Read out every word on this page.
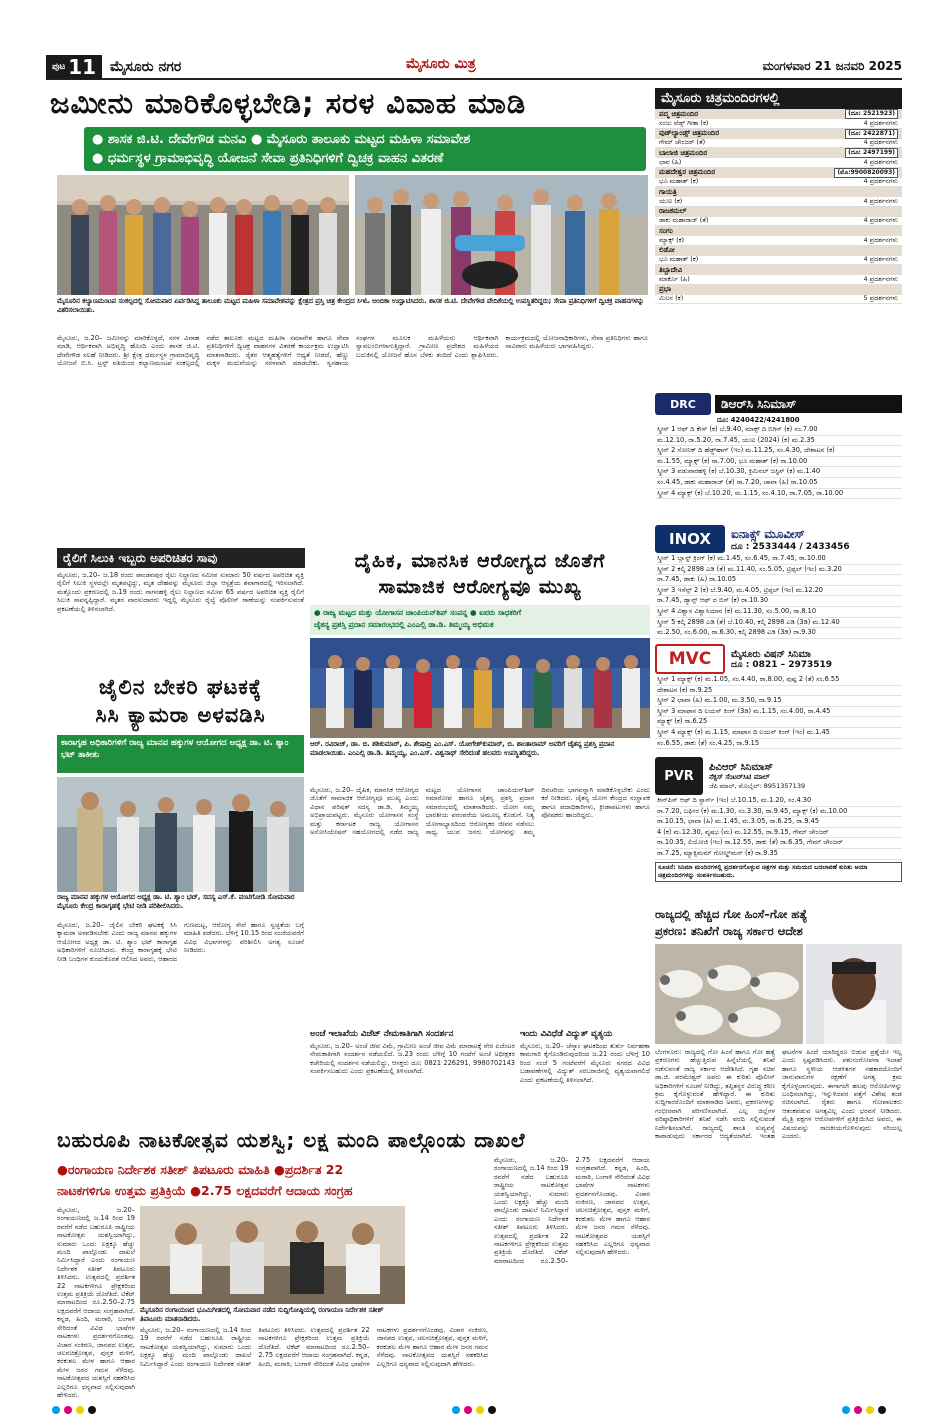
ಪುಟ 11 ಮೈಸೂರು ನಗರ	ಮೈಸೂರು ಮಿತ್ರ	ಮಂಗಳವಾರ 21 ಜನವರಿ 2025
ಜಮೀನು ಮಾರಿಕೊಳ್ಳಬೇಡಿ; ಸರಳ ವಿವಾಹ ಮಾಡಿ
● ಶಾಸಕ ಜಿ.ಟಿ. ದೇವೇಗೌಡ ಮನವಿ ● ಮೈಸೂರು ತಾಲೂಕು ಮಟ್ಟದ ಮಹಿಳಾ ಸಮಾವೇಶ
● ಧರ್ಮಸ್ಥಳ ಗ್ರಾಮಾಭಿವೃದ್ಧಿ ಯೋಜನೆ ಸೇವಾ ಪ್ರತಿನಿಧಿಗಳಿಗೆ ದ್ವಿಚಕ್ರ ವಾಹನ ವಿತರಣೆ
ಮೈಸೂರಿನ ಕಲ್ಯಾಣಮಂಟಪ ಸಂಕಲ್ಪದಲ್ಲಿ ಸೋಮವಾರ ಏರ್ಪಡಿಸಿದ್ದ ತಾಲೂಕು ಮಟ್ಟದ ಮಹಿಳಾ ಸಮಾವೇಶವನ್ನು ಕ್ಷೇತ್ರದ ಪ್ರಸ್ತಿ ಚಿತ್ರ ಕೇಂದ್ರದ ಸಿಇಓ ಅಂಬಿಕಾ ಉದ್ಘಾಟಿಸಿದರು. ಶಾಸಕ ಜಿ.ಟಿ. ದೇವೇಗೌಡ ವೇದಿಕೆಯಲ್ಲಿ ಉಪಸ್ಥಿತರಿದ್ದರು; ಸೇವಾ ಪ್ರತಿನಿಧಿಗಳಿಗೆ ದ್ವಿಚಕ್ರ ವಾಹನಗಳನ್ನು ವಿತರಿಸಲಾಯಿತು.
ಮೈಸೂರು, ಜ.20– ಜಮೀನನ್ನು ಮಾರಿಕೊಳ್ಳದೆ, ಸರಳ ವಿವಾಹ ಮಾಡಿ, ಆರ್ಥಿಕವಾಗಿ ಅಭಿವೃದ್ಧಿ ಹೊಂದಿ ಎಂದು ಶಾಸಕ ಜಿ.ಟಿ. ದೇವೇಗೌಡ ಸಲಹೆ ನೀಡಿದರು. ಶ್ರೀ ಕ್ಷೇತ್ರ ಧರ್ಮಸ್ಥಳ ಗ್ರಾಮಾಭಿವೃದ್ಧಿ ಯೋಜನೆ ಬಿ.ಸಿ. ಟ್ರಸ್ಟ್ ವತಿಯಿಂದ ಕಲ್ಯಾಣಮಂಟಪ ಸಂಕಲ್ಪದಲ್ಲಿ ನಡೆದ ತಾಲೂಕು ಮಟ್ಟದ ಮಹಿಳಾ ಸಮಾವೇಶ ಹಾಗೂ ಸೇವಾ ಪ್ರತಿನಿಧಿಗಳಿಗೆ ದ್ವಿಚಕ್ರ ವಾಹನಗಳ ವಿತರಣೆ ಕಾರ್ಯಕ್ರಮ ಉದ್ಘಾಟಿಸಿ ಮಾತನಾಡಿದರು. ರೈತರ ಆತ್ಮಹತ್ಯೆಗಳಿಗೆ ಆಧ್ಯತೆ ನೀಡದೆ, ಹೆಣ್ಣು ಮಕ್ಕಳ ಮದುವೆಯನ್ನು ಸರಳವಾಗಿ ಮಾಡಬೇಕು. ಸ್ವಸಹಾಯ ಸಂಘಗಳ ಮೂಲಕ ಮಹಿಳೆಯರು ಆರ್ಥಿಕವಾಗಿ ಸ್ವಾವಲಂಬಿಗಳಾಗುತ್ತಿದ್ದಾರೆ. ಗ್ರಾಮೀಣ ಪ್ರದೇಶದ ಮಹಿಳೆಯರ ಬದುಕಿನಲ್ಲಿ ಯೋಜನೆ ಹೊಸ ಬೆಳಕು ತಂದಿದೆ ಎಂದು ಶ್ಲಾಘಿಸಿದರು. ಕಾರ್ಯಕ್ರಮದಲ್ಲಿ ಯೋಜನಾಧಿಕಾರಿಗಳು, ಸೇವಾ ಪ್ರತಿನಿಧಿಗಳು ಹಾಗೂ ಸಾವಿರಾರು ಮಹಿಳೆಯರು ಭಾಗವಹಿಸಿದ್ದರು.
ರೈಲಿಗೆ ಸಿಲುಕಿ ಇಬ್ಬರು ಅಪರಿಚಿತರ ಸಾವು
ಮೈಸೂರು, ಜ.20– ಜ.18 ರಂದು ಪಾಂಡವಪುರ ರೈಲು ನಿಲ್ದಾಣದ ಸಮೀಪ ಸುಮಾರು 50 ವರ್ಷದ ಅಪರಿಚಿತ ವ್ಯಕ್ತಿ ರೈಲಿಗೆ ಸಿಲುಕಿ ಸ್ಥಳದಲ್ಲೇ ಮೃತಪಟ್ಟಿದ್ದು, ಮೃತ ದೇಹವನ್ನು ಮೈಸೂರು ಜಿಲ್ಲಾ ಆಸ್ಪತ್ರೆಯ ಶವಾಗಾರದಲ್ಲಿ ಇರಿಸಲಾಗಿದೆ. ಮತ್ತೊಂದು ಪ್ರಕರಣದಲ್ಲಿ ಜ.19 ರಂದು ನಾಗನಹಳ್ಳಿ ರೈಲು ನಿಲ್ದಾಣದ ಸಮೀಪ 65 ವರ್ಷದ ಅಪರಿಚಿತ ವ್ಯಕ್ತಿ ರೈಲಿಗೆ ಸಿಲುಕಿ ಸಾವನ್ನಪ್ಪಿದ್ದಾರೆ. ಮೃತರ ವಾರಸುದಾರರು ಇದ್ದಲ್ಲಿ ಮೈಸೂರು ರೈಲ್ವೆ ಪೊಲೀಸ್ ಠಾಣೆಯನ್ನು ಸಂಪರ್ಕಿಸುವಂತೆ ಪ್ರಕಟಣೆಯಲ್ಲಿ ತಿಳಿಸಲಾಗಿದೆ.
ಜೈಲಿನ ಬೇಕರಿ ಘಟಕಕ್ಕೆ
ಸಿಸಿ ಕ್ಯಾಮರಾ ಅಳವಡಿಸಿ
ಕಾರಾಗೃಹ ಅಧಿಕಾರಿಗಳಿಗೆ ರಾಜ್ಯ ಮಾನವ ಹಕ್ಕುಗಳ ಆಯೋಗದ ಅಧ್ಯಕ್ಷ ಡಾ. ಟಿ. ಶ್ಯಾಂ ಭಟ್ ತಾಕೀತು
ರಾಜ್ಯ ಮಾನವ ಹಕ್ಕುಗಳ ಆಯೋಗದ ಅಧ್ಯಕ್ಷ ಡಾ. ಟಿ. ಶ್ಯಾಂ ಭಟ್, ಸದಸ್ಯ ಎಸ್.ಕೆ. ವಂಟಿಗೋಡಿ ಸೋಮವಾರ ಮೈಸೂರು ಕೇಂದ್ರ ಕಾರಾಗೃಹಕ್ಕೆ ಭೇಟಿ ನೀಡಿ ಪರಿಶೀಲಿಸಿದರು.
ಮೈಸೂರು, ಜ.20– ಜೈಲಿನ ಬೇಕರಿ ಘಟಕಕ್ಕೆ ಸಿಸಿ ಕ್ಯಾಮರಾ ಅಳವಡಿಸಬೇಕು ಎಂದು ರಾಜ್ಯ ಮಾನವ ಹಕ್ಕುಗಳ ಆಯೋಗದ ಅಧ್ಯಕ್ಷ ಡಾ. ಟಿ. ಶ್ಯಾಂ ಭಟ್ ಕಾರಾಗೃಹ ಅಧಿಕಾರಿಗಳಿಗೆ ಸೂಚಿಸಿದರು. ಕೇಂದ್ರ ಕಾರಾಗೃಹಕ್ಕೆ ಭೇಟಿ ನೀಡಿ ಬಂಧಿಗಳ ಕುಂದುಕೊರತೆ ಆಲಿಸಿದ ಅವರು, ಆಹಾರದ ಗುಣಮಟ್ಟ, ಆರೋಗ್ಯ ಸೇವೆ ಹಾಗೂ ಸ್ವಚ್ಛತೆಯ ಬಗ್ಗೆ ಮಾಹಿತಿ ಪಡೆದರು. ಬೆಳಿಗ್ಗೆ 10.15 ರಿಂದ ಸಂಜೆಯವರೆಗೆ ವಿವಿಧ ವಿಭಾಗಗಳನ್ನು ಪರಿಶೀಲಿಸಿ ಅಗತ್ಯ ಸೂಚನೆ ನೀಡಿದರು.
ದೈಹಿಕ, ಮಾನಸಿಕ ಆರೋಗ್ಯದ ಜೊತೆಗೆ
ಸಾಮಾಜಿಕ ಆರೋಗ್ಯವೂ ಮುಖ್ಯ
● ರಾಜ್ಯ ಮಟ್ಟದ ಮತ್ತು ಯೋಗಾಸನ ಚಾಂಪಿಯನ್‌ಶಿಪ್ ಸಂಪನ್ನ ● ಐವರು ಸಾಧಕರಿಗೆ
ಚೈತನ್ಯ ಪ್ರಶಸ್ತಿ ಪ್ರದಾನ ಸಮಾರಂಭದಲ್ಲಿ ಎಂಎಲ್ಸಿ ಡಾ.ಡಿ. ತಿಮ್ಮಯ್ಯ ಅಭಿಮತ
ಆರ್. ರವಿರಾಜ್, ಡಾ. ಬಿ. ಶಶಿಕುಮಾರ್, ಪಿ. ಶೇಷಾದ್ರಿ ಎಂ.ಎಸ್. ಯೋಗೇಶ್‌ಕುಮಾರ್, ಬಿ. ಶಾಂತಾರಾಮ್ ಅವರಿಗೆ ಚೈತನ್ಯ ಪ್ರಶಸ್ತಿ ಪ್ರದಾನ ಮಾಡಲಾಯಿತು. ಎಂಎಲ್ಸಿ ಡಾ.ಡಿ. ತಿಮ್ಮಯ್ಯ, ಎಂ.ಎಸ್. ವಿಶ್ವನಾಥ್ ಸೇರಿದಂತೆ ಹಲವರು ಉಪಸ್ಥಿತರಿದ್ದರು.
ಮೈಸೂರು, ಜ.20– ದೈಹಿಕ, ಮಾನಸಿಕ ಆರೋಗ್ಯದ ಜೊತೆಗೆ ಸಾಮಾಜಿಕ ಆರೋಗ್ಯವೂ ಮುಖ್ಯ ಎಂದು ವಿಧಾನ ಪರಿಷತ್ ಸದಸ್ಯ ಡಾ.ಡಿ. ತಿಮ್ಮಯ್ಯ ಅಭಿಪ್ರಾಯಪಟ್ಟರು. ಮೈಸೂರು ಯೋಗಾಸನ ಸಂಸ್ಥೆ ಮತ್ತು ಕರ್ನಾಟಕ ರಾಜ್ಯ ಯೋಗಾಸನ ಅಸೋಸಿಯೇಷನ್ ಸಹಯೋಗದಲ್ಲಿ ನಡೆದ ರಾಜ್ಯ ಮಟ್ಟದ ಯೋಗಾಸನ ಚಾಂಪಿಯನ್‌ಶಿಪ್ ಸಮಾರೋಪ ಹಾಗೂ ಚೈತನ್ಯ ಪ್ರಶಸ್ತಿ ಪ್ರದಾನ ಸಮಾರಂಭದಲ್ಲಿ ಮಾತನಾಡಿದರು. ಯೋಗ ನಮ್ಮ ಭಾರತೀಯ ಪರಂಪರೆಯ ಅಮೂಲ್ಯ ಕೊಡುಗೆ. ನಿತ್ಯ ಯೋಗಾಭ್ಯಾಸದಿಂದ ಆರೋಗ್ಯಕರ ಜೀವನ ನಡೆಸಲು ಸಾಧ್ಯ. ಯುವ ಜನರು ಯೋಗವನ್ನು ತಮ್ಮ ದಿನಚರಿಯ ಭಾಗವನ್ನಾಗಿ ಮಾಡಿಕೊಳ್ಳಬೇಕು ಎಂದು ಕರೆ ನೀಡಿದರು. ಚೈತನ್ಯ ಯೋಗ ಕೇಂದ್ರದ ಸಂಸ್ಥಾಪಕ ಹಾಗೂ ಪದಾಧಿಕಾರಿಗಳು, ಕ್ರೀಡಾಪಟುಗಳು ಹಾಗೂ ಪೋಷಕರು ಹಾಜರಿದ್ದರು.
ಅಂಚೆ ಇಲಾಖೆಯ ವಿಜೆಟ್ ನೇಮಕಾತಿಗಾಗಿ ಸಂದರ್ಶನ
ಮೈಸೂರು, ಜ.20– ಅಂಚೆ ಜೀವ ವಿಮೆ, ಗ್ರಾಮೀಣ ಅಂಚೆ ಜೀವ ವಿಮೆ ಮಾರಾಟಕ್ಕೆ ನೇರ ಏಜೆಂಟರ ನೇಮಕಾತಿಗಾಗಿ ಸಂದರ್ಶನ ನಡೆಯಲಿದೆ. ಜ.23 ರಂದು ಬೆಳಿಗ್ಗೆ 10 ಗಂಟೆಗೆ ಅಂಚೆ ಅಧೀಕ್ಷಕರ ಕಚೇರಿಯಲ್ಲಿ ಸಂದರ್ಶನ ನಡೆಯಲಿದ್ದು, ಆಸಕ್ತರು ದೂ: 0821 226291, 9980702143 ಸಂಪರ್ಕಿಸಬಹುದು ಎಂದು ಪ್ರಕಟಣೆಯಲ್ಲಿ ತಿಳಿಸಲಾಗಿದೆ.
ಇಂದು ವಿವಿಧೆಡೆ ವಿದ್ಯುತ್ ವ್ಯತ್ಯಯ
ಮೈಸೂರು, ಜ.20– ಚೆಸ್ಕಾಂ ಘಟಕದಿಂದ ತುರ್ತು ನಿರ್ವಹಣಾ ಕಾಮಗಾರಿ ಕೈಗೊಂಡಿರುವುದರಿಂದ ಜ.21 ರಂದು ಬೆಳಿಗ್ಗೆ 10 ರಿಂದ ಸಂಜೆ 5 ಗಂಟೆವರೆಗೆ ಮೈಸೂರು ನಗರದ ವಿವಿಧ ಬಡಾವಣೆಗಳಲ್ಲಿ ವಿದ್ಯುತ್ ಸರಬರಾಜಿನಲ್ಲಿ ವ್ಯತ್ಯಯವಾಗಲಿದೆ ಎಂದು ಪ್ರಕಟಣೆಯಲ್ಲಿ ತಿಳಿಸಲಾಗಿದೆ.
ಬಹುರೂಪಿ ನಾಟಕೋತ್ಸವ ಯಶಸ್ವಿ; ಲಕ್ಷ ಮಂದಿ ಪಾಲ್ಗೊಂಡು ದಾಖಲೆ
●ರಂಗಾಯಣ ನಿರ್ದೇಶಕ ಸತೀಶ್ ತಿಪಟೂರು ಮಾಹಿತಿ ●ಪ್ರದರ್ಶಿತ 22
ನಾಟಕಗಳಿಗೂ ಉತ್ತಮ ಪ್ರತಿಕ್ರಿಯೆ ●2.75 ಲಕ್ಷದವರೆಗೆ ಆದಾಯ ಸಂಗ್ರಹ
ಮೈಸೂರು, ಜ.20– ರಂಗಾಯಣದಲ್ಲಿ ಜ.14 ರಿಂದ 19 ರವರೆಗೆ ನಡೆದ ಬಹುರೂಪಿ ರಾಷ್ಟ್ರೀಯ ನಾಟಕೋತ್ಸವ ಯಶಸ್ವಿಯಾಗಿದ್ದು, ಸುಮಾರು ಒಂದು ಲಕ್ಷಕ್ಕೂ ಹೆಚ್ಚು ಮಂದಿ ಪಾಲ್ಗೊಂಡು ದಾಖಲೆ ನಿರ್ಮಿಸಿದ್ದಾರೆ ಎಂದು ರಂಗಾಯಣ ನಿರ್ದೇಶಕ ಸತೀಶ್ ತಿಪಟೂರು ತಿಳಿಸಿದರು. ಉತ್ಸವದಲ್ಲಿ ಪ್ರದರ್ಶಿತ 22 ನಾಟಕಗಳಿಗೂ ಪ್ರೇಕ್ಷಕರಿಂದ ಉತ್ತಮ ಪ್ರತಿಕ್ರಿಯೆ ದೊರೆತಿದೆ. ಟಿಕೆಟ್ ಮಾರಾಟದಿಂದ ರೂ.2.50–2.75 ಲಕ್ಷದವರೆಗೆ ಆದಾಯ ಸಂಗ್ರಹವಾಗಿದೆ. ಕನ್ನಡ, ಹಿಂದಿ, ಮರಾಠಿ, ಬಂಗಾಳಿ ಸೇರಿದಂತೆ ವಿವಿಧ ಭಾಷೆಗಳ ನಾಟಕಗಳು ಪ್ರದರ್ಶನಗೊಂಡವು. ವಿಚಾರ ಸಂಕಿರಣ, ಜಾನಪದ ಉತ್ಸವ, ಚಲನಚಿತ್ರೋತ್ಸವ, ಪುಸ್ತಕ ಮಳಿಗೆ, ಕರಕುಶಲ ಮೇಳ ಹಾಗೂ ಆಹಾರ ಮೇಳ ಜನರ ಗಮನ ಸೆಳೆದವು. ನಾಟಕೋತ್ಸವದ ಯಶಸ್ಸಿಗೆ ಸಹಕರಿಸಿದ ಎಲ್ಲರಿಗೂ ಧನ್ಯವಾದ ಸಲ್ಲಿಸುವುದಾಗಿ ಹೇಳಿದರು.
ಮೈಸೂರಿನ ರಂಗಾಯಣದ ಭೂಮಿಗೀತದಲ್ಲಿ ಸೋಮವಾರ ನಡೆದ ಸುದ್ದಿಗೋಷ್ಠಿಯಲ್ಲಿ ರಂಗಾಯಣ ನಿರ್ದೇಶಕ ಸತೀಶ್ ತಿಪಟೂರು ಮಾತನಾಡಿದರು.
ಮೈಸೂರು, ಜ.20– ರಂಗಾಯಣದಲ್ಲಿ ಜ.14 ರಿಂದ 19 ರವರೆಗೆ ನಡೆದ ಬಹುರೂಪಿ ರಾಷ್ಟ್ರೀಯ ನಾಟಕೋತ್ಸವ ಯಶಸ್ವಿಯಾಗಿದ್ದು, ಸುಮಾರು ಒಂದು ಲಕ್ಷಕ್ಕೂ ಹೆಚ್ಚು ಮಂದಿ ಪಾಲ್ಗೊಂಡು ದಾಖಲೆ ನಿರ್ಮಿಸಿದ್ದಾರೆ ಎಂದು ರಂಗಾಯಣ ನಿರ್ದೇಶಕ ಸತೀಶ್ ತಿಪಟೂರು ತಿಳಿಸಿದರು. ಉತ್ಸವದಲ್ಲಿ ಪ್ರದರ್ಶಿತ 22 ನಾಟಕಗಳಿಗೂ ಪ್ರೇಕ್ಷಕರಿಂದ ಉತ್ತಮ ಪ್ರತಿಕ್ರಿಯೆ ದೊರೆತಿದೆ. ಟಿಕೆಟ್ ಮಾರಾಟದಿಂದ ರೂ.2.50–2.75 ಲಕ್ಷದವರೆಗೆ ಆದಾಯ ಸಂಗ್ರಹವಾಗಿದೆ. ಕನ್ನಡ, ಹಿಂದಿ, ಮರಾಠಿ, ಬಂಗಾಳಿ ಸೇರಿದಂತೆ ವಿವಿಧ ಭಾಷೆಗಳ ನಾಟಕಗಳು ಪ್ರದರ್ಶನಗೊಂಡವು. ವಿಚಾರ ಸಂಕಿರಣ, ಜಾನಪದ ಉತ್ಸವ, ಚಲನಚಿತ್ರೋತ್ಸವ, ಪುಸ್ತಕ ಮಳಿಗೆ, ಕರಕುಶಲ ಮೇಳ ಹಾಗೂ ಆಹಾರ ಮೇಳ ಜನರ ಗಮನ ಸೆಳೆದವು. ನಾಟಕೋತ್ಸವದ ಯಶಸ್ಸಿಗೆ ಸಹಕರಿಸಿದ ಎಲ್ಲರಿಗೂ ಧನ್ಯವಾದ ಸಲ್ಲಿಸುವುದಾಗಿ ಹೇಳಿದರು.
ಮೈಸೂರು, ಜ.20– ರಂಗಾಯಣದಲ್ಲಿ ಜ.14 ರಿಂದ 19 ರವರೆಗೆ ನಡೆದ ಬಹುರೂಪಿ ರಾಷ್ಟ್ರೀಯ ನಾಟಕೋತ್ಸವ ಯಶಸ್ವಿಯಾಗಿದ್ದು, ಸುಮಾರು ಒಂದು ಲಕ್ಷಕ್ಕೂ ಹೆಚ್ಚು ಮಂದಿ ಪಾಲ್ಗೊಂಡು ದಾಖಲೆ ನಿರ್ಮಿಸಿದ್ದಾರೆ ಎಂದು ರಂಗಾಯಣ ನಿರ್ದೇಶಕ ಸತೀಶ್ ತಿಪಟೂರು ತಿಳಿಸಿದರು. ಉತ್ಸವದಲ್ಲಿ ಪ್ರದರ್ಶಿತ 22 ನಾಟಕಗಳಿಗೂ ಪ್ರೇಕ್ಷಕರಿಂದ ಉತ್ತಮ ಪ್ರತಿಕ್ರಿಯೆ ದೊರೆತಿದೆ. ಟಿಕೆಟ್ ಮಾರಾಟದಿಂದ ರೂ.2.50–2.75 ಲಕ್ಷದವರೆಗೆ ಆದಾಯ ಸಂಗ್ರಹವಾಗಿದೆ. ಕನ್ನಡ, ಹಿಂದಿ, ಮರಾಠಿ, ಬಂಗಾಳಿ ಸೇರಿದಂತೆ ವಿವಿಧ ಭಾಷೆಗಳ ನಾಟಕಗಳು ಪ್ರದರ್ಶನಗೊಂಡವು. ವಿಚಾರ ಸಂಕಿರಣ, ಜಾನಪದ ಉತ್ಸವ, ಚಲನಚಿತ್ರೋತ್ಸವ, ಪುಸ್ತಕ ಮಳಿಗೆ, ಕರಕುಶಲ ಮೇಳ ಹಾಗೂ ಆಹಾರ ಮೇಳ ಜನರ ಗಮನ ಸೆಳೆದವು. ನಾಟಕೋತ್ಸವದ ಯಶಸ್ಸಿಗೆ ಸಹಕರಿಸಿದ ಎಲ್ಲರಿಗೂ ಧನ್ಯವಾದ ಸಲ್ಲಿಸುವುದಾಗಿ ಹೇಳಿದರು.
ಮೈಸೂರು ಚಿತ್ರಮಂದಿರಗಳಲ್ಲಿ
ಪದ್ಮ ಚಿತ್ರಮಂದಿರ	(ದೂ: 2521923)
ಸಂಜು ವೆಡ್ಸ್ ಗೀತಾ (ಕ)	4 ಪ್ರದರ್ಶನಗಳು
ವುಡ್‌ಲ್ಯಾಂಡ್ಸ್ ಚಿತ್ರಮಂದಿರ	(ದೂ: 2422871)
ಗೇಮ್ ಚೇಂಜರ್ (ತೆ)	4 ಪ್ರದರ್ಶನಗಳು
ಬಾಲಾಜಿ ಚಿತ್ರಮಂದಿರ	(ದೂ: 2497199)
ಛಾವ (ಹಿ)	4 ಪ್ರದರ್ಶನಗಳು
ಮಹದೇಶ್ವರ ಚಿತ್ರಮಂದಿರ	(ಮೊ:9900820093)
ಭೂ ಮಹಾತ್ (ಕ)	4 ಪ್ರದರ್ಶನಗಳು
ಗಾಯತ್ರಿ
ಯುಐ (ಕ)	4 ಪ್ರದರ್ಶನಗಳು
ರಾಜಕಮಲ್
ಡಾಕು ಮಹಾರಾಜ್ (ತೆ)	4 ಪ್ರದರ್ಶನಗಳು
ಸಂಗಂ
ಮ್ಯಾಕ್ಸ್ (ಕ)	4 ಪ್ರದರ್ಶನಗಳು
ಲಿಡೋ
ಭೂ ಮಹಾತ್ (ಕ)	4 ಪ್ರದರ್ಶನಗಳು
ತಿಬ್ಬಾದೇವಿ
ಮಾರ್ಕೊ (ಹಿ)	4 ಪ್ರದರ್ಶನಗಳು
ಪ್ರಭಾ
ಮಿಲನ (ಕ)	5 ಪ್ರದರ್ಶನಗಳು
DRC	ಡಿಆರ್‌ಸಿ ಸಿನಿಮಾಸ್
ದೂ: 4240422/4241800
ಸ್ಕ್ರೀನ್ 1 ಆಫ್ ದಿ ಕೇಸ್ (ಕ) ಬೆ.9.40, ಮಾಕ್ಸ್ ದಿ ಬಿಗಿನ್ (ಕ) ಸಂ.7.00
ಮ.12.10, ರಾ.5.20, ರಾ.7.45, ಯುಐ (2024) (ಕ) ಮ.2.35
ಸ್ಕ್ರೀನ್ 2 ಸೋನಿಕ್ ದಿ ಹೆಡ್ಜ್‌ಹಾಗ್ (ಇಂ) ಮ.11.25, ಸಂ.4.30, ದೇಶಾಟನ (ಕ)
ಮ.1.55, ಮ್ಯಾಕ್ಸ್ (ಕ) ರಾ.7.00, ಭೂ ಮಹಾತ್ (ಕ) ರಾ.10.00
ಸ್ಕ್ರೀನ್ 3 ಪಡುವಾರಹಳ್ಳಿ (ಕ) ಬೆ.10.30, ಕ್ರಿಮಿನಲ್ ಜಸ್ಟಿಸ್ (ಕ) ಮ.1.40
ಸಂ.4.45, ಡಾಕು ಮಹಾರಾಜ್ (ತೆ) ರಾ.7.20, ಚಾವಾ (ಹಿ) ರಾ.10.05
ಸ್ಕ್ರೀನ್ 4 ಮ್ಯಾಕ್ಸ್ (ಕ) ಬೆ.10.20, ಮ.1.15, ಸಂ.4.10, ರಾ.7.05, ರಾ.10.00
INOX	ಐನಾಕ್ಸ್ ಮೂವೀಸ್
ದೂ : 2533444 / 2433456
ಸ್ಕ್ರೀನ್ 1 ಬ್ಲಾಸ್ಟ್ ಕ್ರಿಂಗ್ (ಕ) ಮ.1.45, ಸಂ.6.45, ರಾ.7.45, ರಾ.10.00
ಸ್ಕ್ರೀನ್ 2 ಕಲ್ಕಿ 2898 ಎಡಿ (ತೆ) ಮ.11.40, ಸಂ.5.05, ಟ್ರಿಪ್ಪಲ್ (ಇಂ) ಮ.3.20
ರಾ.7.45, ಡಾಕು (ಹಿ) ರಾ.10.05
ಸ್ಕ್ರೀನ್ 3 ಇಸೆನ್ಸ್ 2 (ಕ) ಬೆ.9.40, ಮ.4.05, ಟ್ರಿಪ್ಪಲ್ (ಇಂ) ಮ.12.20
ರಾ.7.45, ಡ್ಯಾನ್ಸ್ ಆಫ್ ದ ಬಿಸ್ (ಕ) ರಾ.10.30
ಸ್ಕ್ರೀನ್ 4 ವಿಶ್ವಾಸ ವಿಶ್ವಾಸಿಯಾನ (ಕ) ಮ.11.30, ಸಂ.5.00, ರಾ.8.10
ಸ್ಕ್ರೀನ್ 5 ಕಲ್ಕಿ 2898 ಎಡಿ (ತೆ) ಬೆ.10.40, ಕಲ್ಕಿ 2898 ಎಡಿ (3ಡಿ) ಮ.12.40
ಮ.2.50, ಸಂ.6.00, ರಾ.6.30, ಕಲ್ಕಿ 2898 ಎಡಿ (3ಡಿ) ರಾ.9.30
MVC	ಮೈಸೂರು ವಿಷನ್ ಸಿನಿಮಾ
ದೂ : 0821 – 2973519
ಸ್ಕ್ರೀನ್ 1 ಮ್ಯಾಕ್ಸ್ (ಕ) ಮ.1.05, ಸಂ.4.40, ರಾ.8.00, ಪುಷ್ಪ 2 (ತೆ) ಸಂ.6.55
ದೇಶಾಟನ (ಕ) ರಾ.9.25
ಸ್ಕ್ರೀನ್ 2 ಛಾವಾ (ಹಿ) ಮ.1.00, ಮ.3.50, ರಾ.9.15
ಸ್ಕ್ರೀನ್ 3 ಮಾಫಾಸ ದಿ ಲಯನ್ ಕಿಂಗ್ (3ಡಿ) ಮ.1.15, ಸಂ.4.00, ರಾ.4.45
ಮ್ಯಾಕ್ಸ್ (ಕ) ರಾ.6.25
ಸ್ಕ್ರೀನ್ 4 ಮ್ಯಾಕ್ಸ್ (ಕ) ಮ.1.15, ಮಾಫಾಸ ದಿ ಲಯನ್ ಕಿಂಗ್ (ಇಂ) ಮ.1.45
ಸಂ.6.55, ಡಾಕು (ತೆ) ಸಂ.4.25, ರಾ.9.15
PVR
ಪಿವಿಆರ್ ಸಿನಿಮಾಸ್
ನೆಕ್ಸಸ್ ಸೆಂಟರ್‌ಸಿಟಿ ಮಾಲ್
ಜೆಪಿ ಮಾಲ್, ಮೊಬೈಲ್: 8951357139
ಕೀನ್‌ಪಿಸ್ ಆಫ್ ದಿ ಸ್ಟಾರ್ಸ್ (ಇಂ) ಬೆ.10.15, ಮ.1.20, ಸಂ.4.30
ರಾ.7.20, ಬಘೀರ (ಕ) ಮ.1.30, ಸಂ.3.30, ರಾ.9.45, ಮ್ಯಾಕ್ಸ್ (ಕ) ಮ.10.00
ರಾ.10.15, ಛಾವಾ (ಹಿ) ಮ.1.45, ಮ.3.05, ರಾ.6.25, ರಾ.9.45
4 (ಕ) ಮ.12.30, ವೃಷಭ (ಮ) ಮ.12.55, ರಾ.9.15, ಗೇಮ್ ಚೇಂಜರ್
ರಾ.10.35, ಲಿಯೋಜಿ (ಇಂ) ರಾ.12.55, ಡಾಕು (ತೆ) ರಾ.6.35, ಗೇಮ್ ಚೇಂಜರ್
ರಾ.7.25, ಮ್ಯಾಕ್ಸಿಮಮ್ ಗೋಲ್ಡ್‌ಮನ್ (ಕ) ರಾ.9.35
ಸೂಚನೆ: ಸಿನಿಮಾ ಮಂದಿರಗಳಲ್ಲಿ ಪ್ರದರ್ಶನಗೊಳ್ಳುವ ಚಿತ್ರಗಳ ಮತ್ತು ಸಮಯದ ಬದಲಾವಣೆ ಕುರಿತು ಆಯಾ ಚಿತ್ರಮಂದಿರಗಳನ್ನು ಸಂಪರ್ಕಿಸಬಹುದು.
ರಾಜ್ಯದಲ್ಲಿ ಹೆಚ್ಚಿದ ಗೋ ಹಿಂಸೆ–ಗೋ ಹತ್ಯೆ
ಪ್ರಕರಣ: ತನಿಖೆಗೆ ರಾಜ್ಯ ಸರ್ಕಾರ ಆದೇಶ
ಬೆಂಗಳೂರು: ರಾಜ್ಯದಲ್ಲಿ ಗೋ ಹಿಂಸೆ ಹಾಗೂ ಗೋ ಹತ್ಯೆ ಪ್ರಕರಣಗಳು ಹೆಚ್ಚುತ್ತಿರುವ ಹಿನ್ನೆಲೆಯಲ್ಲಿ ತನಿಖೆ ನಡೆಸುವಂತೆ ರಾಜ್ಯ ಸರ್ಕಾರ ಆದೇಶಿಸಿದೆ. ಗೃಹ ಸಚಿವ ಡಾ.ಜಿ. ಪರಮೇಶ್ವರ್ ಅವರು ಈ ಕುರಿತು ಪೊಲೀಸ್ ಅಧಿಕಾರಿಗಳಿಗೆ ಸೂಚನೆ ನೀಡಿದ್ದು, ತಪ್ಪಿತಸ್ಥರ ವಿರುದ್ಧ ಕಠಿಣ ಕ್ರಮ ಕೈಗೊಳ್ಳುವಂತೆ ಹೇಳಿದ್ದಾರೆ. ಈ ಕುರಿತು ಸುದ್ದಿಗಾರರೊಂದಿಗೆ ಮಾತನಾಡಿದ ಅವರು, ಪ್ರಕರಣಗಳನ್ನು ಗಂಭೀರವಾಗಿ ಪರಿಗಣಿಸಲಾಗಿದೆ. ಎಲ್ಲ ಜಿಲ್ಲೆಗಳ ವರಿಷ್ಠಾಧಿಕಾರಿಗಳಿಗೆ ತನಿಖೆ ನಡೆಸಿ ವರದಿ ಸಲ್ಲಿಸುವಂತೆ ನಿರ್ದೇಶಿಸಲಾಗಿದೆ. ರಾಜ್ಯದಲ್ಲಿ ಶಾಂತಿ ಸುವ್ಯವಸ್ಥೆ ಕಾಪಾಡುವುದು ಸರ್ಕಾರದ ಆದ್ಯತೆಯಾಗಿದೆ. ಇಂತಹ ಘಟನೆಗಳ ಹಿಂದೆ ಯಾರಿದ್ದರೂ ಬಿಡುವ ಪ್ರಶ್ನೆಯೇ ಇಲ್ಲ ಎಂದು ಸ್ಪಷ್ಟಪಡಿಸಿದರು. ಪಶುಸಂಗೋಪನಾ ಇಲಾಖೆ ಹಾಗೂ ಸ್ಥಳೀಯ ಆಡಳಿತಗಳ ಸಹಕಾರದೊಂದಿಗೆ ಜಾನುವಾರುಗಳ ರಕ್ಷಣೆಗೆ ಅಗತ್ಯ ಕ್ರಮ ಕೈಗೊಳ್ಳಲಾಗುವುದು. ಈಗಾಗಲೇ ಹಲವು ಆರೋಪಿಗಳನ್ನು ಬಂಧಿಸಲಾಗಿದ್ದು, ಇನ್ನುಳಿದವರ ಪತ್ತೆಗೆ ವಿಶೇಷ ತಂಡ ರಚಿಸಲಾಗಿದೆ. ರೈತರು ಹಾಗೂ ಗೋಪಾಲಕರು ಆತಂಕಪಡುವ ಅಗತ್ಯವಿಲ್ಲ ಎಂದು ಭರವಸೆ ನೀಡಿದರು. ಮೈತ್ರಿ ಪಕ್ಷಗಳ ಆರೋಪಗಳಿಗೆ ಪ್ರತಿಕ್ರಿಯಿಸಿದ ಅವರು, ಈ ವಿಷಯವನ್ನು ರಾಜಕೀಯಗೊಳಿಸುವುದು ಸರಿಯಲ್ಲ ಎಂದರು.
